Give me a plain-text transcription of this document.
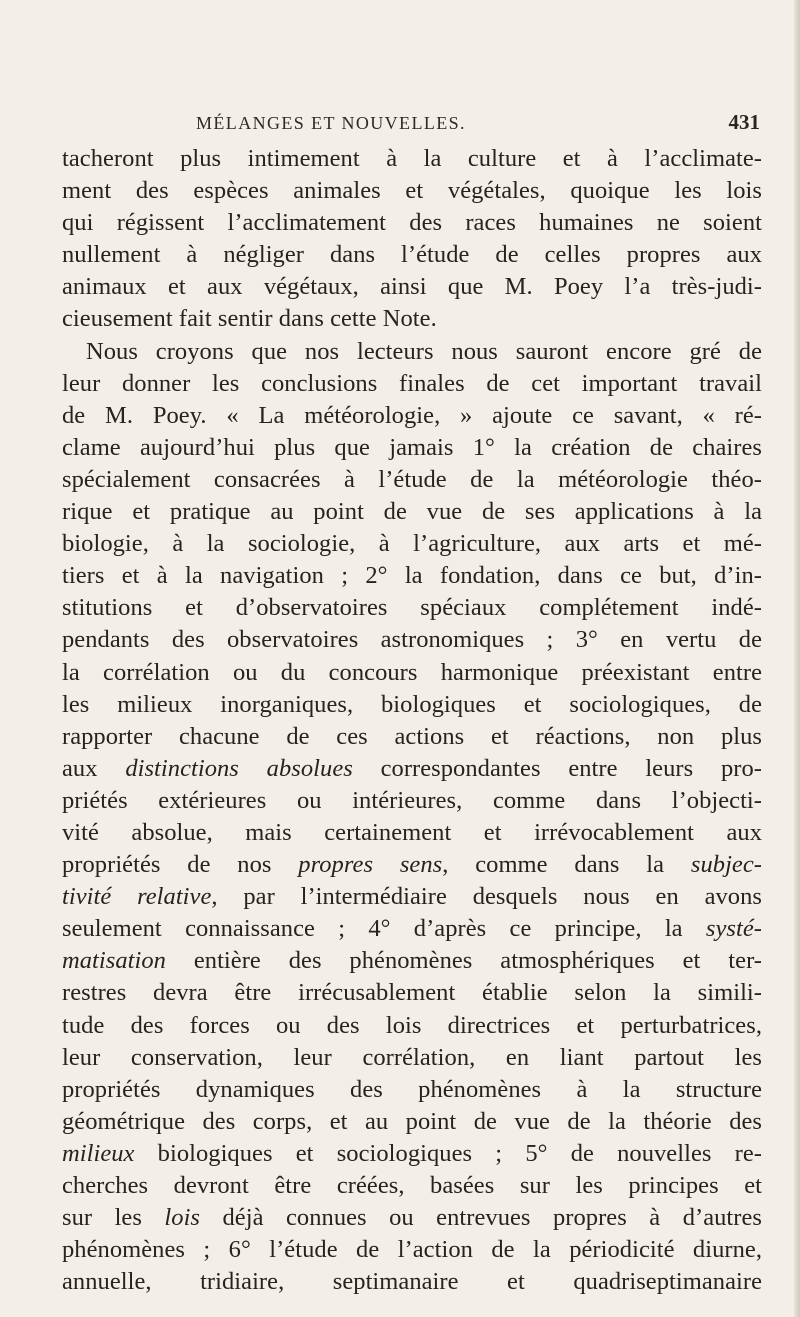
MÉLANGES ET NOUVELLES.	431
tacheront plus intimement à la culture et à l’acclimate-
ment des espèces animales et végétales, quoique les lois
qui régissent l’acclimatement des races humaines ne soient
nullement à négliger dans l’étude de celles propres aux
animaux et aux végétaux, ainsi que M. Poey l’a très-judi-
cieusement fait sentir dans cette Note.
Nous croyons que nos lecteurs nous sauront encore gré de
leur donner les conclusions finales de cet important travail
de M. Poey. « La météorologie, » ajoute ce savant, « ré-
clame aujourd’hui plus que jamais 1° la création de chaires
spécialement consacrées à l’étude de la météorologie théo-
rique et pratique au point de vue de ses applications à la
biologie, à la sociologie, à l’agriculture, aux arts et mé-
tiers et à la navigation ; 2° la fondation, dans ce but, d’in-
stitutions et d’observatoires spéciaux complétement indé-
pendants des observatoires astronomiques ; 3° en vertu de
la corrélation ou du concours harmonique préexistant entre
les milieux inorganiques, biologiques et sociologiques, de
rapporter chacune de ces actions et réactions, non plus
aux distinctions absolues correspondantes entre leurs pro-
priétés extérieures ou intérieures, comme dans l’objecti-
vité absolue, mais certainement et irrévocablement aux
propriétés de nos propres sens, comme dans la subjec-
tivité relative, par l’intermédiaire desquels nous en avons
seulement connaissance ; 4° d’après ce principe, la systé-
matisation entière des phénomènes atmosphériques et ter-
restres devra être irrécusablement établie selon la simili-
tude des forces ou des lois directrices et perturbatrices,
leur conservation, leur corrélation, en liant partout les
propriétés dynamiques des phénomènes à la structure
géométrique des corps, et au point de vue de la théorie des
milieux biologiques et sociologiques ; 5° de nouvelles re-
cherches devront être créées, basées sur les principes et
sur les lois déjà connues ou entrevues propres à d’autres
phénomènes ; 6° l’étude de l’action de la périodicité diurne,
annuelle, tridiaire, septimanaire et quadriseptimanaire
